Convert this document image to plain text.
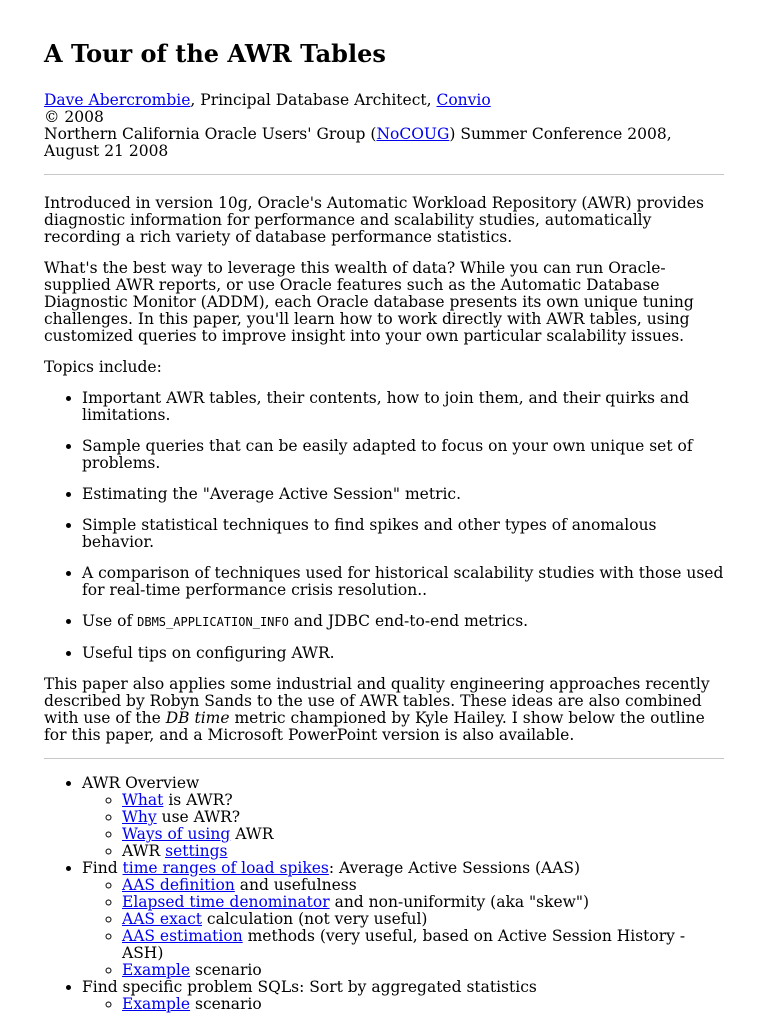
A Tour of the AWR Tables

Dave Abercrombie, Principal Database Architect, Convio
© 2008
Northern California Oracle Users' Group (NoCOUG) Summer Conference 2008, August 21 2008

Introduced in version 10g, Oracle's Automatic Workload Repository (AWR) provides diagnostic information for performance and scalability studies, automatically recording a rich variety of database performance statistics.

What's the best way to leverage this wealth of data? While you can run Oracle-supplied AWR reports, or use Oracle features such as the Automatic Database Diagnostic Monitor (ADDM), each Oracle database presents its own unique tuning challenges. In this paper, you'll learn how to work directly with AWR tables, using customized queries to improve insight into your own particular scalability issues.

Topics include:

• Important AWR tables, their contents, how to join them, and their quirks and limitations.
• Sample queries that can be easily adapted to focus on your own unique set of problems.
• Estimating the "Average Active Session" metric.
• Simple statistical techniques to find spikes and other types of anomalous behavior.
• A comparison of techniques used for historical scalability studies with those used for real-time performance crisis resolution..
• Use of DBMS_APPLICATION_INFO and JDBC end-to-end metrics.
• Useful tips on configuring AWR.

This paper also applies some industrial and quality engineering approaches recently described by Robyn Sands to the use of AWR tables. These ideas are also combined with use of the DB time metric championed by Kyle Hailey. I show below the outline for this paper, and a Microsoft PowerPoint version is also available.

• AWR Overview
◦ What is AWR?
◦ Why use AWR?
◦ Ways of using AWR
◦ AWR settings
• Find time ranges of load spikes: Average Active Sessions (AAS)
◦ AAS definition and usefulness
◦ Elapsed time denominator and non-uniformity (aka "skew")
◦ AAS exact calculation (not very useful)
◦ AAS estimation methods (very useful, based on Active Session History - ASH)
◦ Example scenario
• Find specific problem SQLs: Sort by aggregated statistics
◦ Example scenario
